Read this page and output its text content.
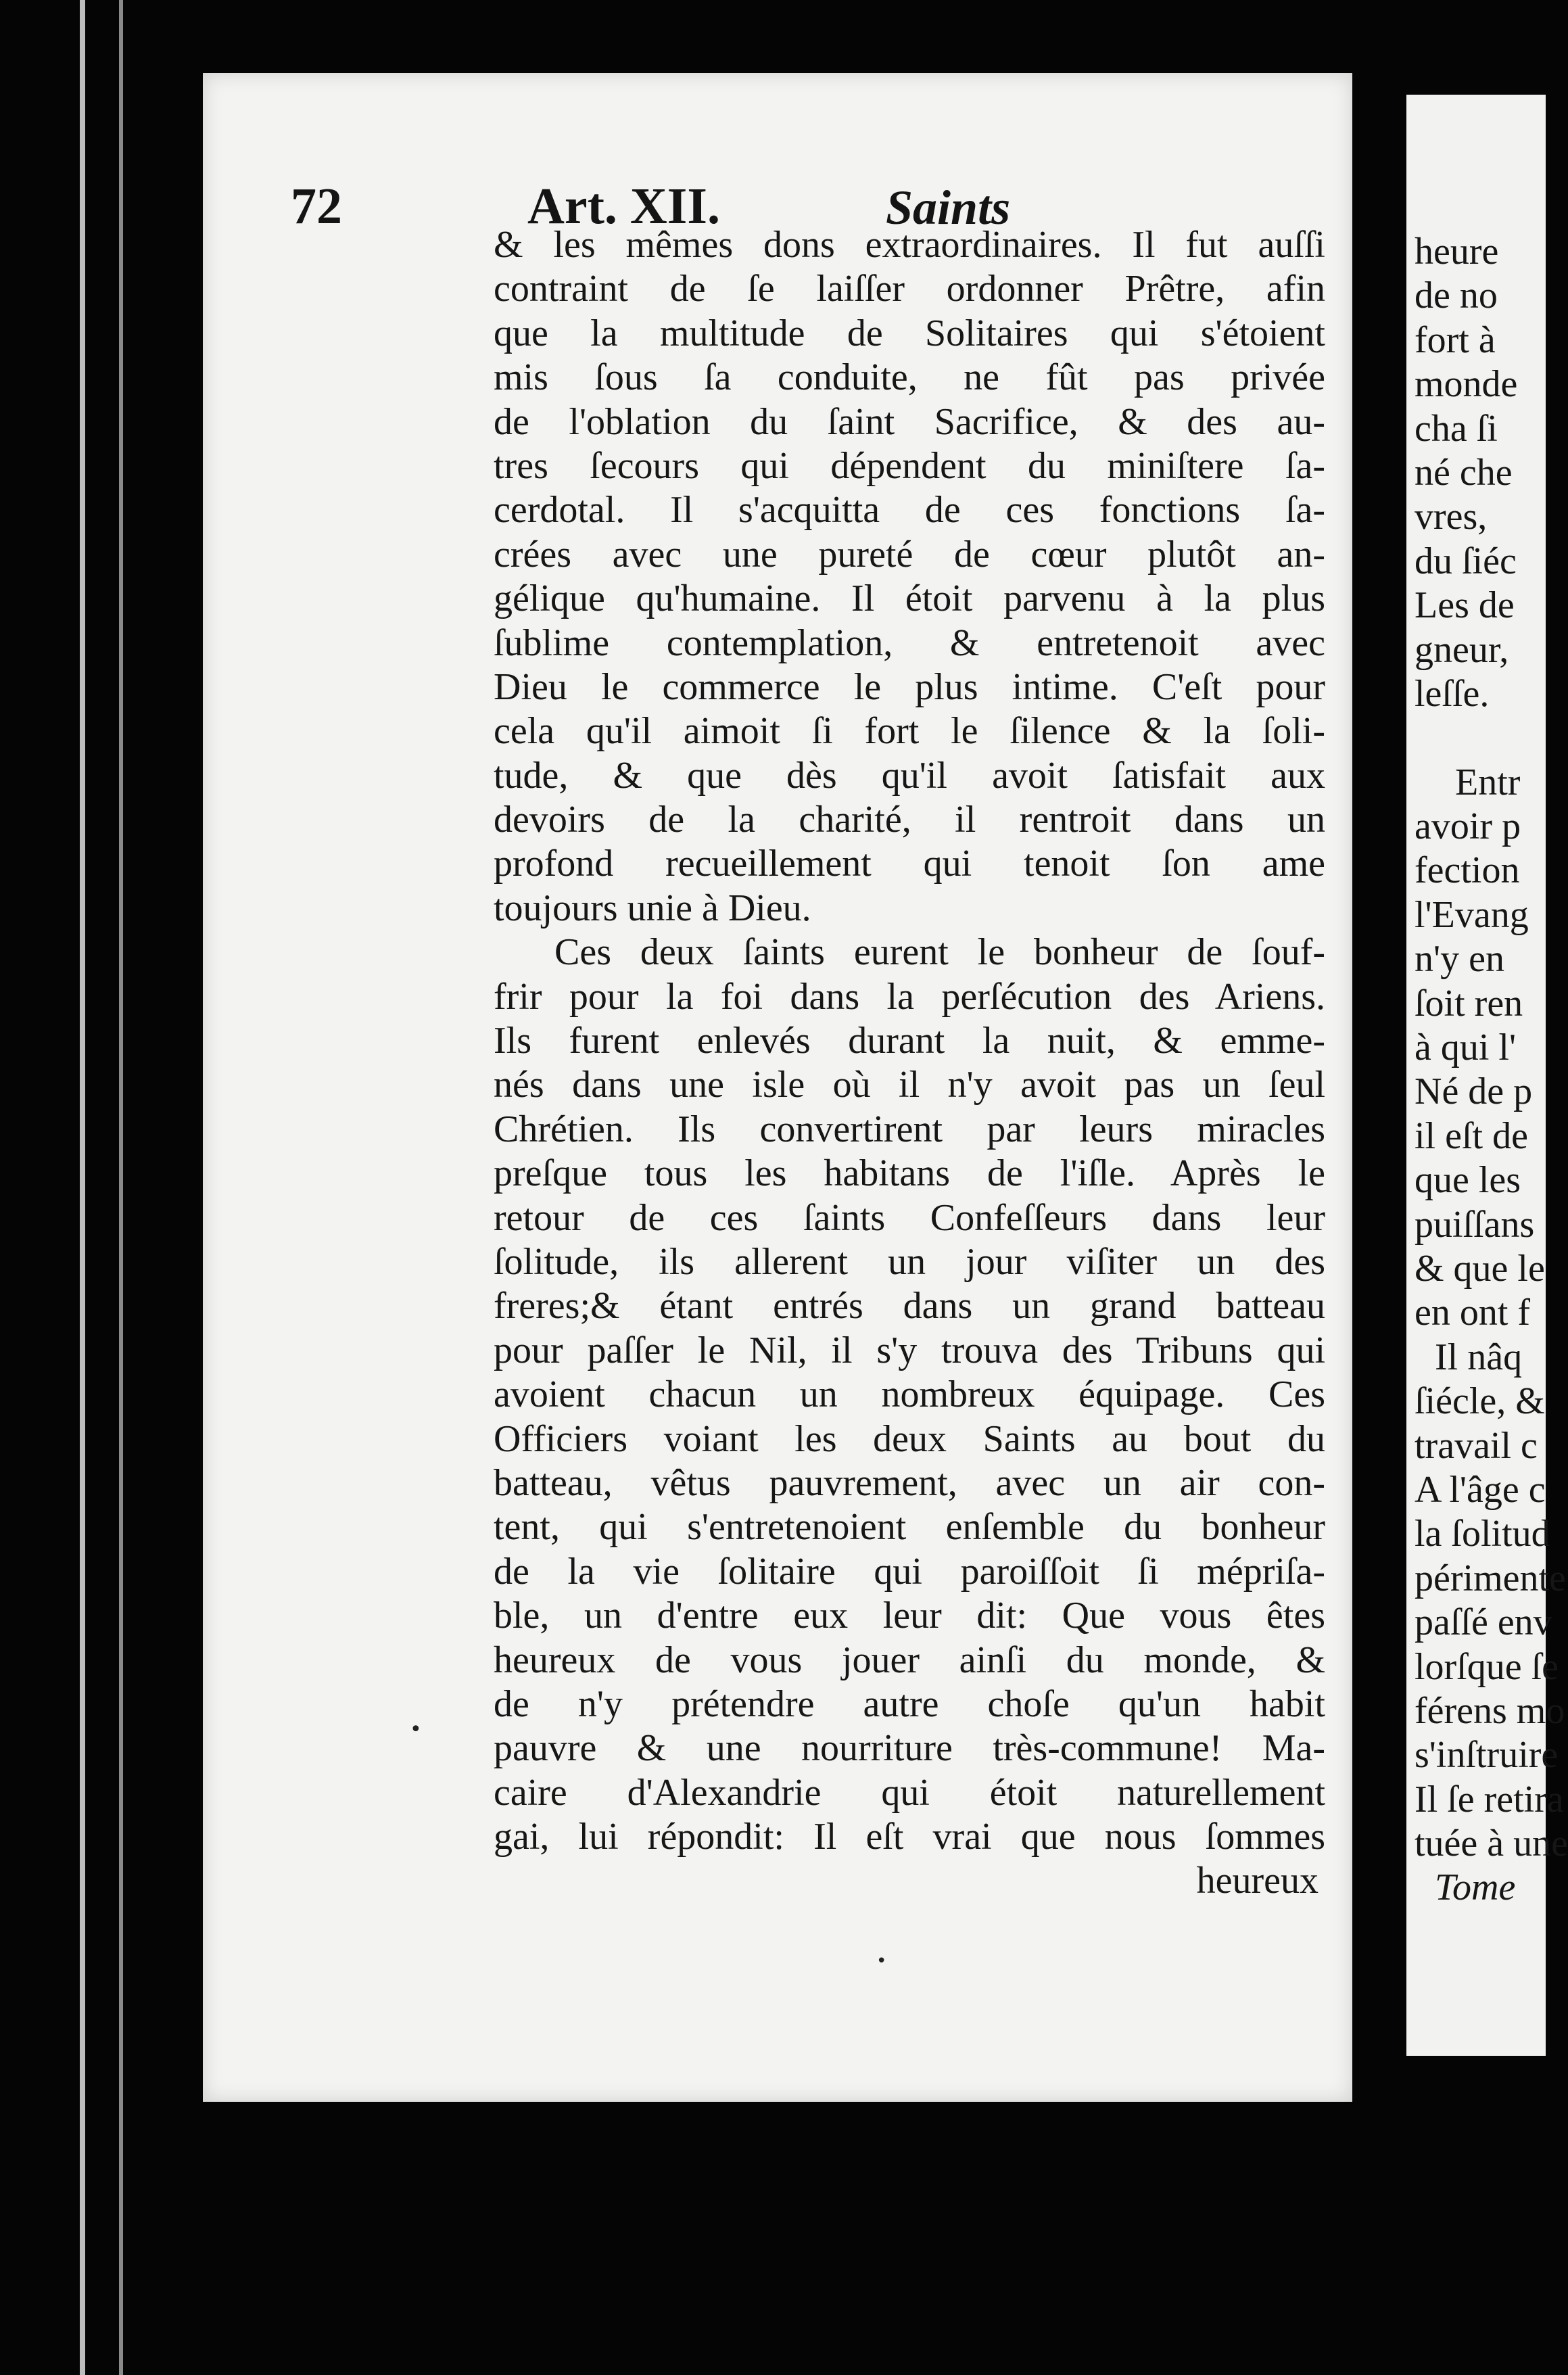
72	Art. XII.	Saints
& les mêmes dons extraordinaires. Il fut auſſi
contraint de ſe laiſſer ordonner Prêtre, afin
que la multitude de Solitaires qui s'étoient
mis ſous ſa conduite, ne fût pas privée
de l'oblation du ſaint Sacrifice, & des au-
tres ſecours qui dépendent du miniſtere ſa-
cerdotal. Il s'acquitta de ces fonctions ſa-
crées avec une pureté de cœur plutôt an-
gélique qu'humaine. Il étoit parvenu à la plus
ſublime contemplation, & entretenoit avec
Dieu le commerce le plus intime. C'eſt pour
cela qu'il aimoit ſi fort le ſilence & la ſoli-
tude, & que dès qu'il avoit ſatisfait aux
devoirs de la charité, il rentroit dans un
profond recueillement qui tenoit ſon ame
toujours unie à Dieu.
Ces deux ſaints eurent le bonheur de ſouf-
frir pour la foi dans la perſécution des Ariens.
Ils furent enlevés durant la nuit, & emme-
nés dans une isle où il n'y avoit pas un ſeul
Chrétien. Ils convertirent par leurs miracles
preſque tous les habitans de l'iſle. Après le
retour de ces ſaints Confeſſeurs dans leur
ſolitude, ils allerent un jour viſiter un des
freres;& étant entrés dans un grand batteau
pour paſſer le Nil, il s'y trouva des Tribuns qui
avoient chacun un nombreux équipage. Ces
Officiers voiant les deux Saints au bout du
batteau, vêtus pauvrement, avec un air con-
tent, qui s'entretenoient enſemble du bonheur
de la vie ſolitaire qui paroiſſoit ſi mépriſa-
ble, un d'entre eux leur dit: Que vous êtes
heureux de vous jouer ainſi du monde, &
de n'y prétendre autre choſe qu'un habit
pauvre & une nourriture très-commune! Ma-
caire d'Alexandrie qui étoit naturellement
gai, lui répondit: Il eſt vrai que nous ſommes
heureux
heure
de no
fort à
monde
cha ſi
né che
vres,
du ſiéc
Les de
gneur,
leſſe.
Entr
avoir p
fection
l'Evang
n'y en
ſoit ren
à qui l'
Né de p
il eſt de
que les
puiſſans
& que le
en ont f
Il nâq
ſiécle, &
travail c
A l'âge c
la ſolitud
périmente
paſſé env
lorſque ſe
férens mo
s'inſtruire
Il ſe retira
tuée à une
Tome
•
•
